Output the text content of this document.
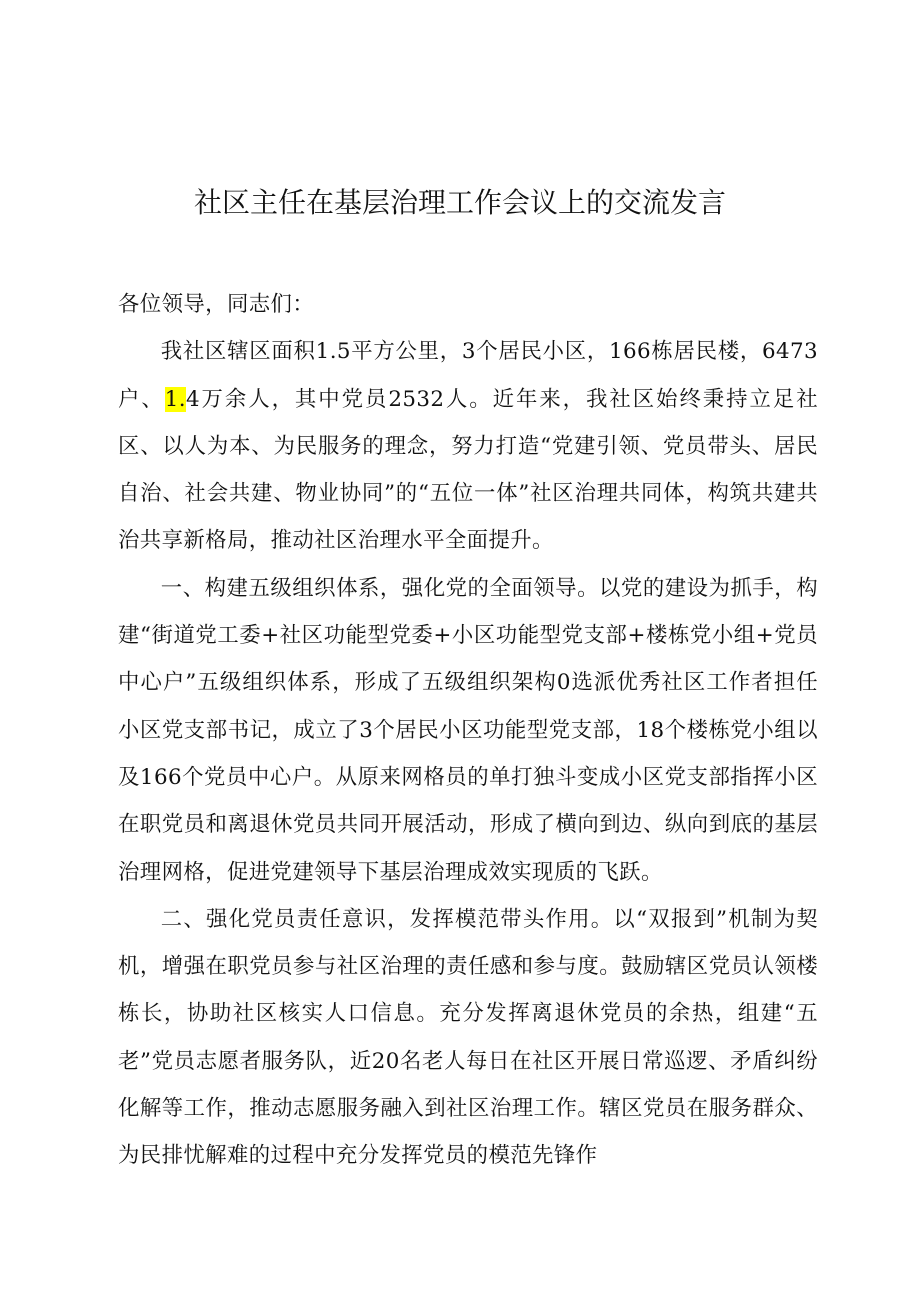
社区主任在基层治理工作会议上的交流发言

各位领导，同志们：

我社区辖区面积1.5平方公里，3个居民小区，166栋居民楼，6473户、1.4万余人，其中党员2532人。近年来，我社区始终秉持立足社区、以人为本、为民服务的理念，努力打造“党建引领、党员带头、居民自治、社会共建、物业协同”的“五位一体”社区治理共同体，构筑共建共治共享新格局，推动社区治理水平全面提升。

一、构建五级组织体系，强化党的全面领导。以党的建设为抓手，构建“街道党工委+社区功能型党委+小区功能型党支部+楼栋党小组+党员中心户”五级组织体系，形成了五级组织架构0选派优秀社区工作者担任小区党支部书记，成立了3个居民小区功能型党支部，18个楼栋党小组以及166个党员中心户。从原来网格员的单打独斗变成小区党支部指挥小区在职党员和离退休党员共同开展活动，形成了横向到边、纵向到底的基层治理网格，促进党建领导下基层治理成效实现质的飞跃。

二、强化党员责任意识，发挥模范带头作用。以“双报到”机制为契机，增强在职党员参与社区治理的责任感和参与度。鼓励辖区党员认领楼栋长，协助社区核实人口信息。充分发挥离退休党员的余热，组建“五老”党员志愿者服务队，近20名老人每日在社区开展日常巡逻、矛盾纠纷化解等工作，推动志愿服务融入到社区治理工作。辖区党员在服务群众、为民排忧解难的过程中充分发挥党员的模范先锋作
